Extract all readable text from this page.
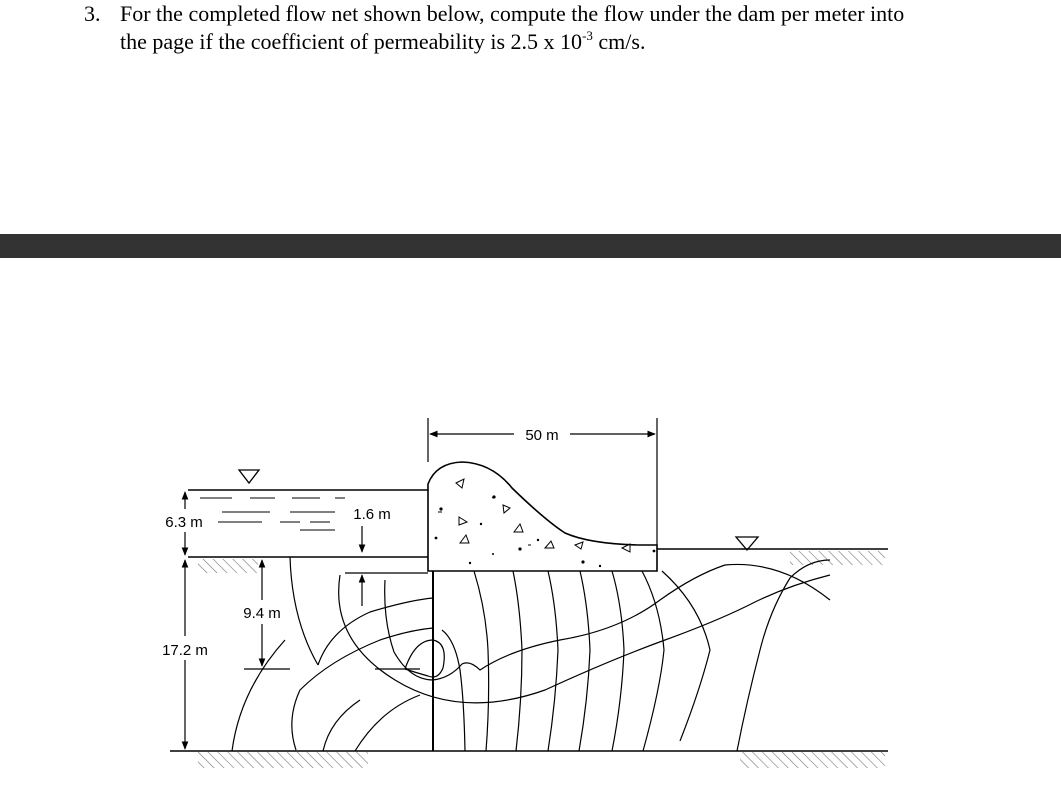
3. For the completed flow net shown below, compute the flow under the dam per meter into
the page if the coefficient of permeability is 2.5 x $10^{-3}$ cm/s.
50 m
6.3 m	1.6 m
9.4 m
17.2 m
